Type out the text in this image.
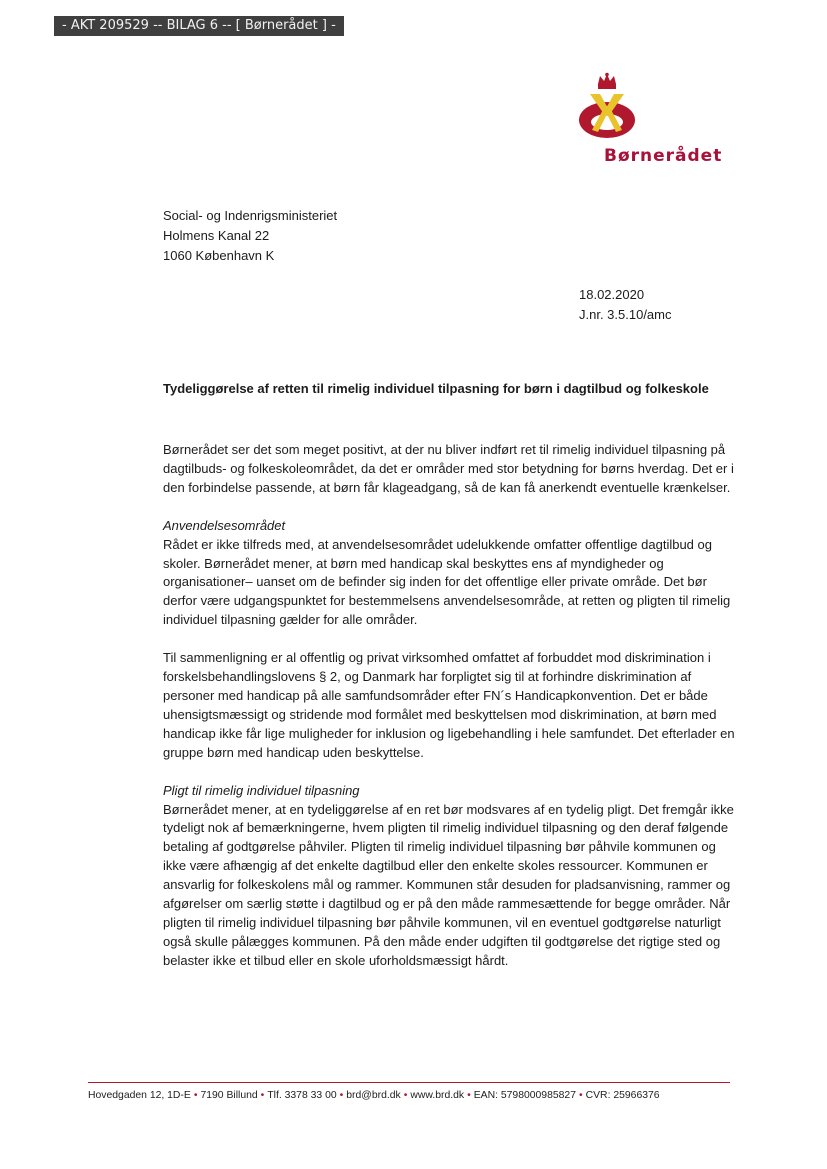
- AKT 209529 -- BILAG 6 -- [ Børnerådet ] -
Børnerådet
Social- og Indenrigsministeriet
Holmens Kanal 22
1060 København K
18.02.2020
J.nr. 3.5.10/amc
Tydeliggørelse af retten til rimelig individuel tilpasning for børn i dagtilbud og folkeskole

Børnerådet ser det som meget positivt, at der nu bliver indført ret til rimelig individuel tilpasning på dagtilbuds- og folkeskoleområdet, da det er områder med stor betydning for børns hverdag. Det er i den forbindelse passende, at børn får klageadgang, så de kan få anerkendt eventuelle krænkelser.

Anvendelsesområdet

Rådet er ikke tilfreds med, at anvendelsesområdet udelukkende omfatter offentlige dagtilbud og skoler. Børnerådet mener, at børn med handicap skal beskyttes ens af myndigheder og organisationer– uanset om de befinder sig inden for det offentlige eller private område. Det bør derfor være udgangspunktet for bestemmelsens anvendelsesområde, at retten og pligten til rimelig individuel tilpasning gælder for alle områder.

Til sammenligning er al offentlig og privat virksomhed omfattet af forbuddet mod diskrimination i forskelsbehandlingslovens § 2, og Danmark har forpligtet sig til at forhindre diskrimination af personer med handicap på alle samfundsområder efter FN´s Handicapkonvention. Det er både uhensigtsmæssigt og stridende mod formålet med beskyttelsen mod diskrimination, at børn med handicap ikke får lige muligheder for inklusion og ligebehandling i hele samfundet. Det efterlader en gruppe børn med handicap uden beskyttelse.

Pligt til rimelig individuel tilpasning

Børnerådet mener, at en tydeliggørelse af en ret bør modsvares af en tydelig pligt. Det fremgår ikke tydeligt nok af bemærkningerne, hvem pligten til rimelig individuel tilpasning og den deraf følgende betaling af godtgørelse påhviler. Pligten til rimelig individuel tilpasning bør påhvile kommunen og ikke være afhængig af det enkelte dagtilbud eller den enkelte skoles ressourcer. Kommunen er ansvarlig for folkeskolens mål og rammer. Kommunen står desuden for pladsanvisning, rammer og afgørelser om særlig støtte i dagtilbud og er på den måde rammesættende for begge områder. Når pligten til rimelig individuel tilpasning bør påhvile kommunen, vil en eventuel godtgørelse naturligt også skulle pålægges kommunen. På den måde ender udgiften til godtgørelse det rigtige sted og belaster ikke et tilbud eller en skole uforholdsmæssigt hårdt.

Hovedgaden 12, 1D-E • 7190 Billund • Tlf. 3378 33 00 • brd@brd.dk • www.brd.dk • EAN: 5798000985827 • CVR: 25966376
